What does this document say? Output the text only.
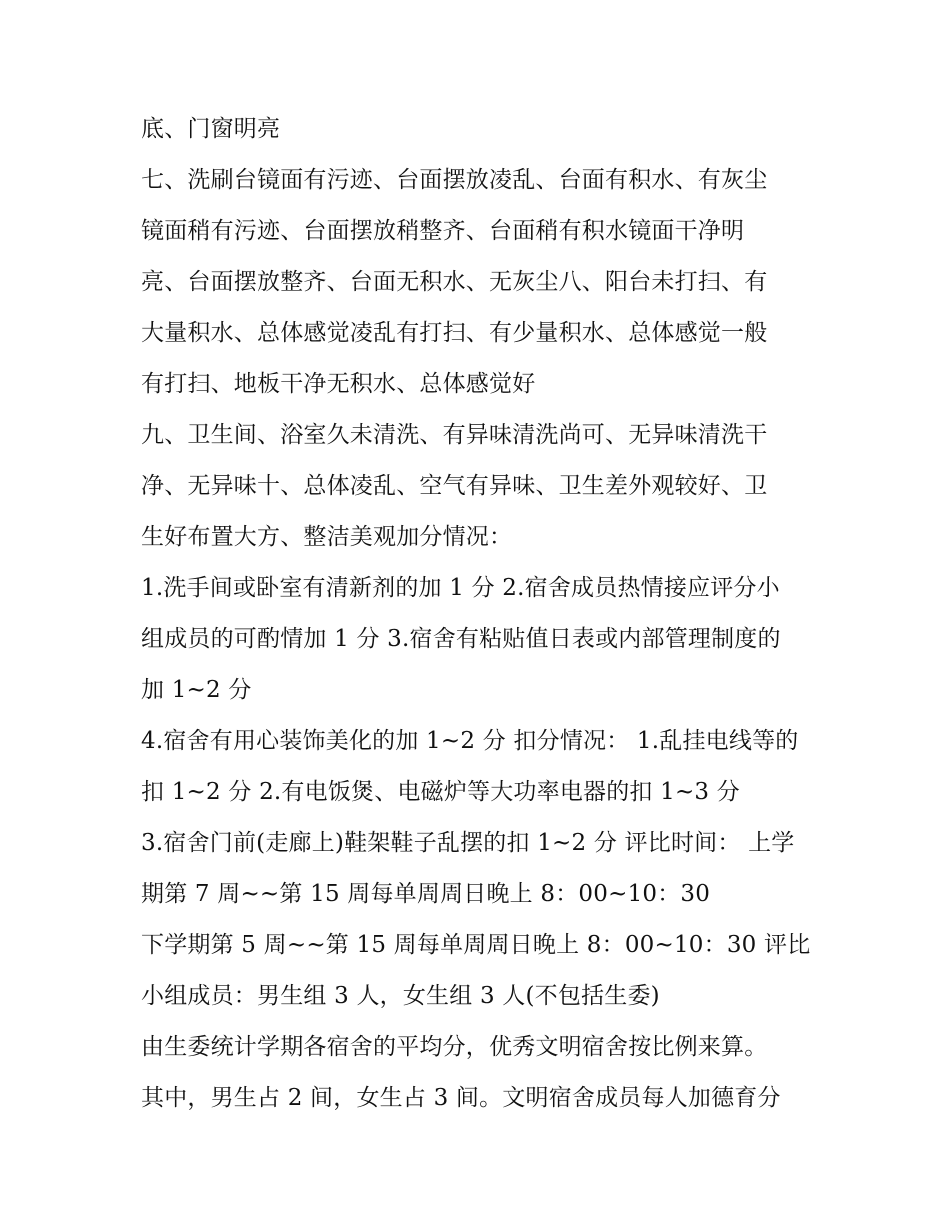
底、门窗明亮
七、洗刷台镜面有污迹、台面摆放凌乱、台面有积水、有灰尘
镜面稍有污迹、台面摆放稍整齐、台面稍有积水镜面干净明
亮、台面摆放整齐、台面无积水、无灰尘八、阳台未打扫、有
大量积水、总体感觉凌乱有打扫、有少量积水、总体感觉一般
有打扫、地板干净无积水、总体感觉好
九、卫生间、浴室久未清洗、有异味清洗尚可、无异味清洗干
净、无异味十、总体凌乱、空气有异味、卫生差外观较好、卫
生好布置大方、整洁美观加分情况：
1.洗手间或卧室有清新剂的加 1 分 2.宿舍成员热情接应评分小
组成员的可酌情加 1 分 3.宿舍有粘贴值日表或内部管理制度的
加 1~2 分
4.宿舍有用心装饰美化的加 1~2 分 扣分情况： 1.乱挂电线等的
扣 1~2 分 2.有电饭煲、电磁炉等大功率电器的扣 1~3 分
3.宿舍门前(走廊上)鞋架鞋子乱摆的扣 1~2 分 评比时间： 上学
期第 7 周~~第 15 周每单周周日晚上 8：00~10：30
下学期第 5 周~~第 15 周每单周周日晚上 8：00~10：30 评比
小组成员：男生组 3 人，女生组 3 人(不包括生委)
由生委统计学期各宿舍的平均分，优秀文明宿舍按比例来算。
其中，男生占 2 间，女生占 3 间。文明宿舍成员每人加德育分
